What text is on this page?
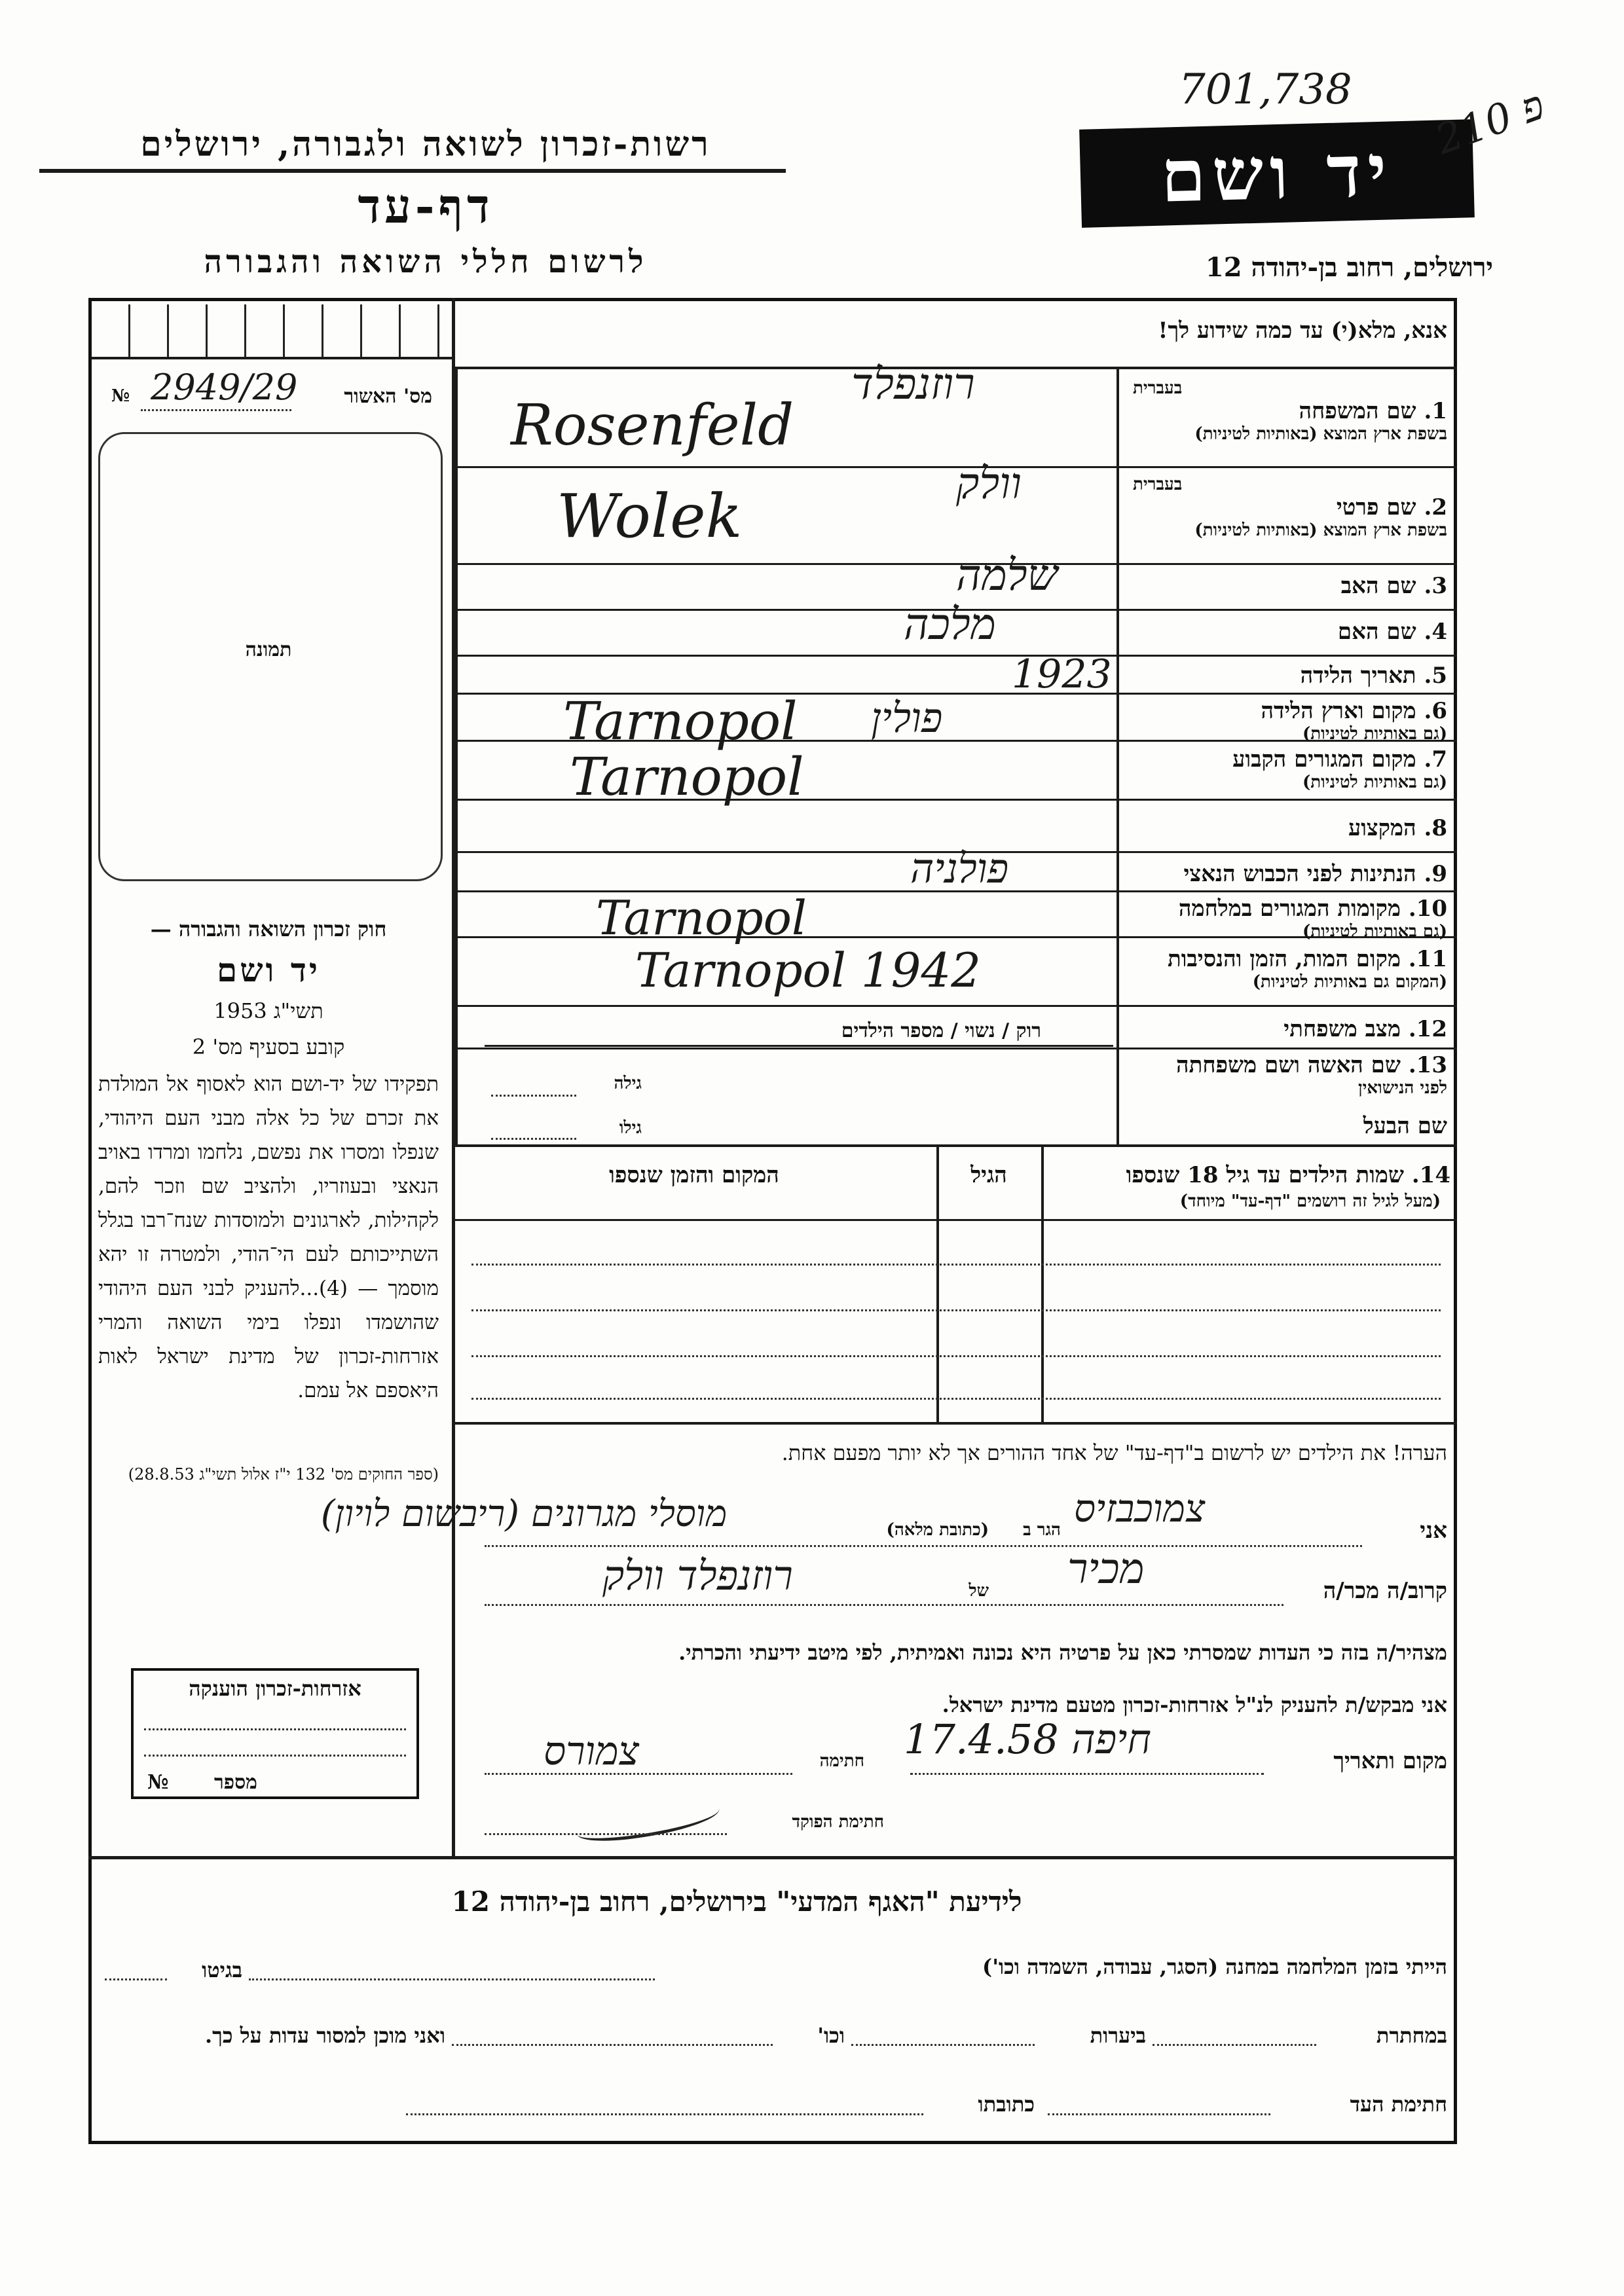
רשות-זכרון לשואה ולגבורה, ירושלים
דף-עד
לרשום חללי השואה והגבורה
יד ושם
701,738
פ 210
ירושלים, רחוב בן-יהודה 12
מס' האשור
№ 2949/29
תמונה
חוק זכרון השואה והגבורה —
יד ושם
תשי"ג 1953
קובע בסעיף מס' 2
תפקידו של יד-ושם הוא לאסוף אל המולדת את זכרם של כל אלה מבני העם היהודי, שנפלו ומסרו את נפשם, נלחמו ומרדו באויב הנאצי ובעוזריו, ולהציב שם וזכר להם, לקהילות, לארגונים ולמוסדות שנח־רבו בגלל השתייכותם לעם הי־הודי, ולמטרה זו יהא מוסמך — (4)...להעניק לבני העם היהודי שהושמדו ונפלו בימי השואה והמרי אזרחות-זכרון של מדינת ישראל לאות היאספם אל עמם.
(ספר החוקים מס' 132 י"ז אלול תשי"ג 28.8.53)
אזרחות-זכרון הוענקה
מספר
№
אנא, מלא(י) עד כמה שידוע לך!
בעברית
1. שם המשפחה
בשפת ארץ המוצא (באותיות לטיניות)
רוזנפלד
Rosenfeld
בעברית
2. שם פרטי
בשפת ארץ המוצא (באותיות לטיניות)
וולק
Wolek
3. שם האב
שלמה
4. שם האם
מלכה
5. תאריך הלידה
1923
6. מקום וארץ הלידה
(גם באותיות לטיניות)
פולין
Tarnopol
7. מקום המגורים הקבוע
(גם באותיות לטיניות)
Tarnopol
8. המקצוע
9. הנתינות לפני הכבוש הנאצי
פולניה
10. מקומות המגורים במלחמה
(גם באותיות לטיניות)
Tarnopol
11. מקום המות, הזמן והנסיבות
(המקום גם באותיות לטיניות)
Tarnopol 1942
12. מצב משפחתי
רוק / נשוי / מספר הילדים
13. שם האשה ושם משפחתה
לפני הנישואין
גילה
שם הבעל
גילו
14. שמות הילדים עד גיל 18 שנספו
(מעל לגיל זה רושמים "דף-עד" מיוחד)
הגיל
המקום והזמן שנספו
הערה! את הילדים יש לרשום ב"דף-עד" של אחד ההורים אך לא יותר מפעם אחת.
אני
צמוכבזיס
הגר ב
(כתובת מלאה)
מוסלי מגרונים (ריבשום לויון)
קרוב/ה מכר/ה
מכיר
של
רוזנפלד וולק
מצהיר/ה בזה כי העדות שמסרתי כאן על פרטיה היא נכונה ואמיתית, לפי מיטב ידיעתי והכרתי.
אני מבקש/ת להעניק לנ"ל אזרחות-זכרון מטעם מדינת ישראל.
מקום ותאריך
חיפה 17.4.58
חתימה
צמורס
חתימת הפוקד
לידיעת "האגף המדעי" בירושלים, רחוב בן-יהודה 12
הייתי בזמן המלחמה במחנה (הסגר, עבודה, השמדה וכו')
בגיטו
במחתרת
ביערות
וכו'
ואני מוכן למסור עדות על כך.
חתימת העד
כתובתו
